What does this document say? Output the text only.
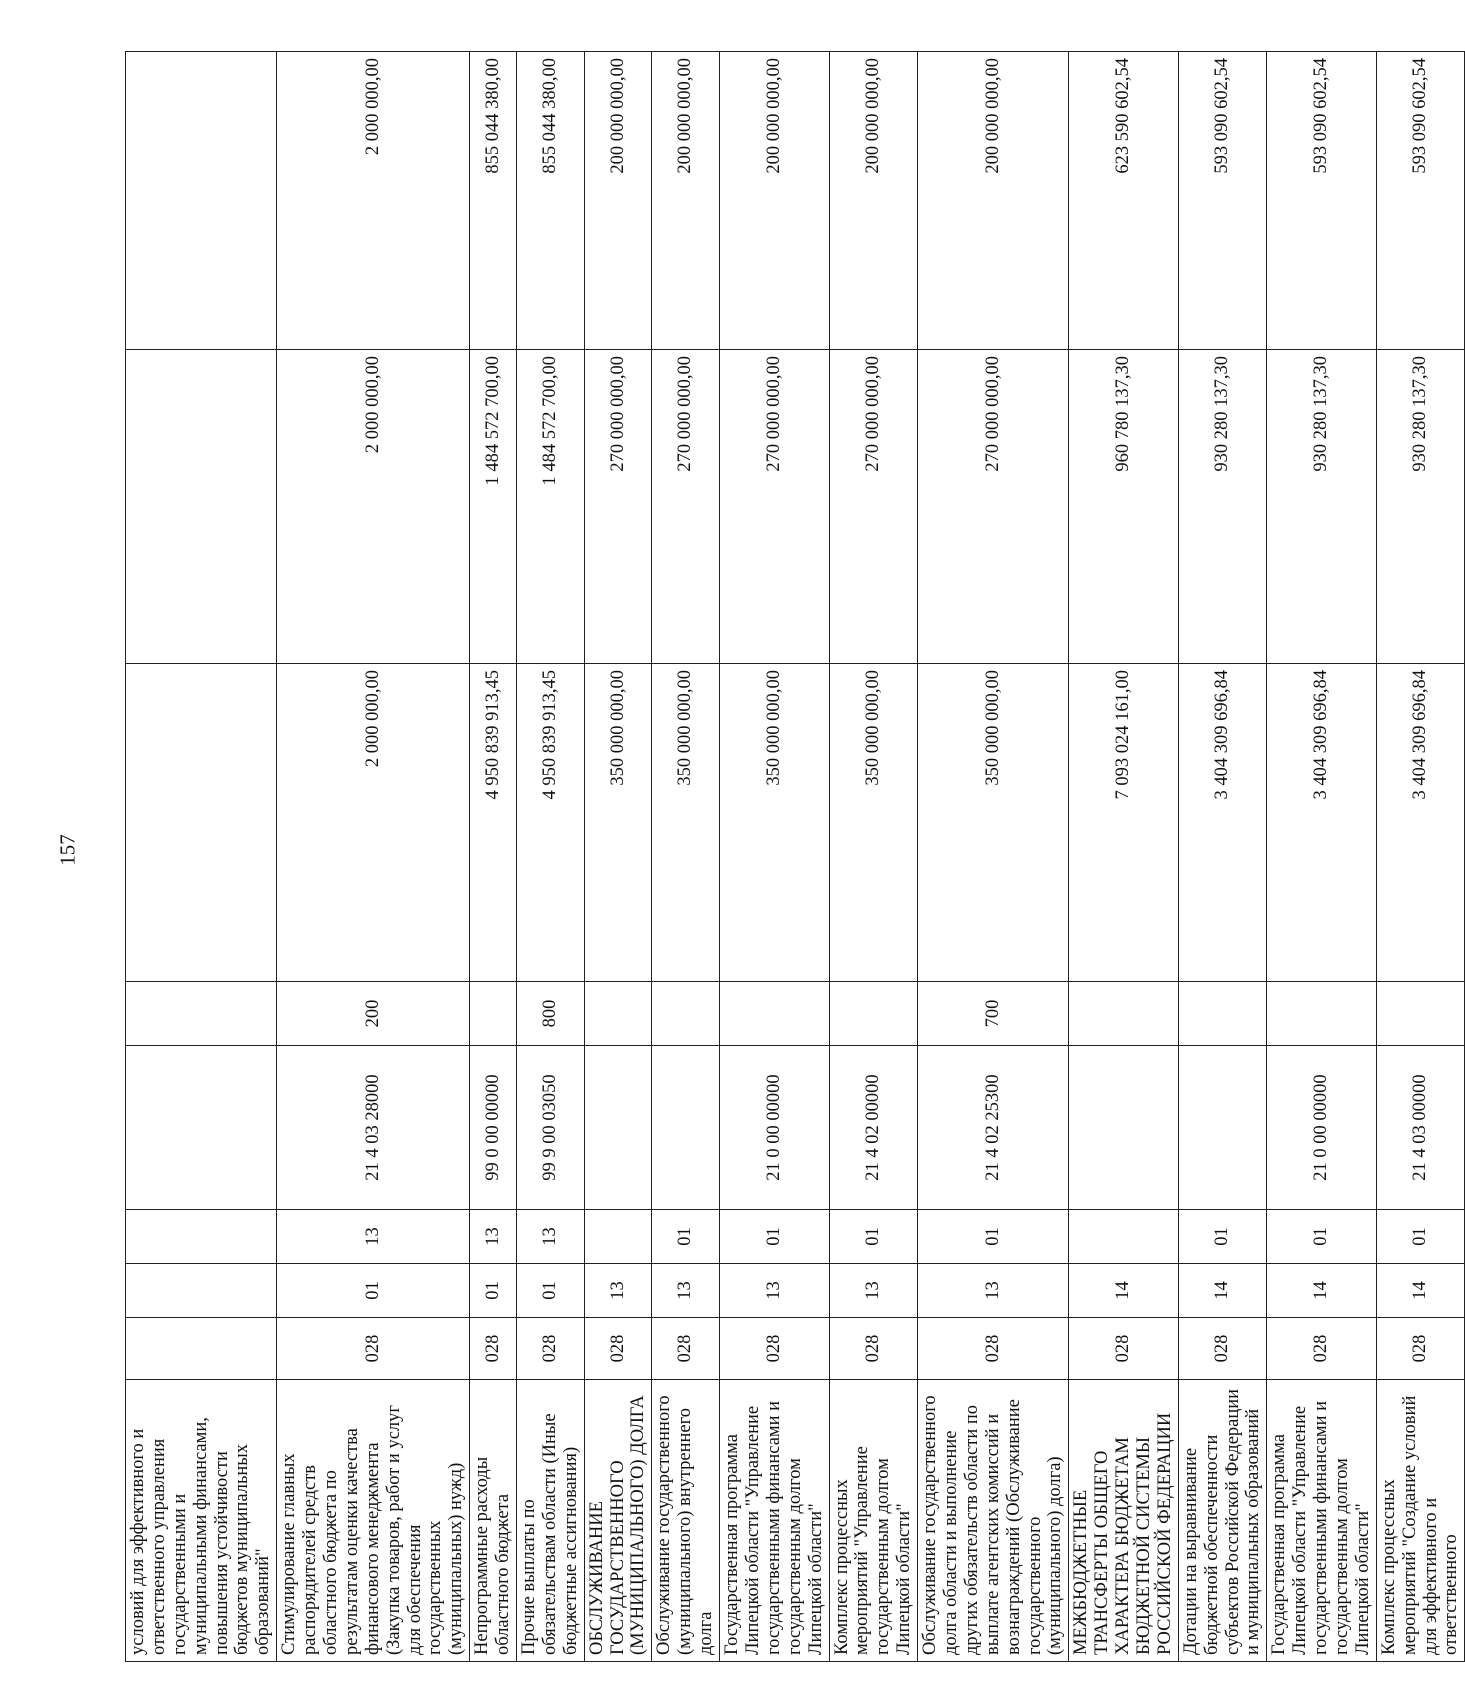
157
условий для эффективного и ответственного управления государственными и муниципальными финансами, повышения устойчивости бюджетов муниципальных образований"								
Стимулирование главных распорядителей средств областного бюджета по результатам оценки качества финансового менеджмента (Закупка товаров, работ и услуг для обеспечения государственных (муниципальных) нужд)	028	01	13	21 4 03 28000	200	2 000 000,00	2 000 000,00	2 000 000,00
Непрограммные расходы областного бюджета	028	01	13	99 0 00 00000		4 950 839 913,45	1 484 572 700,00	855 044 380,00
Прочие выплаты по обязательствам области (Иные бюджетные ассигнования)	028	01	13	99 9 00 03050	800	4 950 839 913,45	1 484 572 700,00	855 044 380,00
ОБСЛУЖИВАНИЕ ГОСУДАРСТВЕННОГО (МУНИЦИПАЛЬНОГО) ДОЛГА	028	13				350 000 000,00	270 000 000,00	200 000 000,00
Обслуживание государственного (муниципального) внутреннего долга	028	13	01			350 000 000,00	270 000 000,00	200 000 000,00
Государственная программа Липецкой области "Управление государственными финансами и государственным долгом Липецкой области"	028	13	01	21 0 00 00000		350 000 000,00	270 000 000,00	200 000 000,00
Комплекс процессных мероприятий "Управление государственным долгом Липецкой области"	028	13	01	21 4 02 00000		350 000 000,00	270 000 000,00	200 000 000,00
Обслуживание государственного долга области и выполнение других обязательств области по выплате агентских комиссий и вознаграждений (Обслуживание государственного (муниципального) долга)	028	13	01	21 4 02 25300	700	350 000 000,00	270 000 000,00	200 000 000,00
МЕЖБЮДЖЕТНЫЕ ТРАНСФЕРТЫ ОБЩЕГО ХАРАКТЕРА БЮДЖЕТАМ БЮДЖЕТНОЙ СИСТЕМЫ РОССИЙСКОЙ ФЕДЕРАЦИИ	028	14				7 093 024 161,00	960 780 137,30	623 590 602,54
Дотации на выравнивание бюджетной обеспеченности субъектов Российской Федерации и муниципальных образований	028	14	01			3 404 309 696,84	930 280 137,30	593 090 602,54
Государственная программа Липецкой области "Управление государственными финансами и государственным долгом Липецкой области"	028	14	01	21 0 00 00000		3 404 309 696,84	930 280 137,30	593 090 602,54
Комплекс процессных мероприятий "Создание условий для эффективного и ответственного	028	14	01	21 4 03 00000		3 404 309 696,84	930 280 137,30	593 090 602,54
